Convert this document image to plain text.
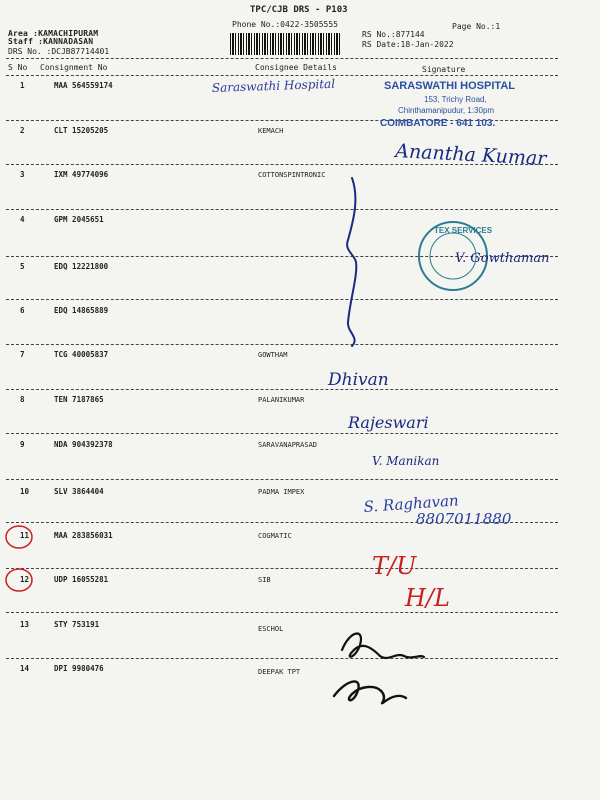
TPC/CJB DRS - P103
Phone No.:0422-3505555	Page No.:1
Area :KAMACHIPURAM
Staff :KANNADASAN
DRS No. :DCJB87714401
RS No.:877144
RS Date:18-Jan-2022
S No Consignment No	Consignee Details	Signature
1	MAA 564559174
2	CLT 15205205	KEMACH
3	IXM 49774096	COTTONSPINTRONIC
4	GPM 2045651
5	EDQ 12221800
6	EDQ 14865889
7	TCG 40005837	GOWTHAM
8	TEN 7187865	PALANIKUMAR
9	NDA 904392378	SARAVANAPRASAD
10	SLV 3864404	PADMA IMPEX
11	MAA 283856031	COGMATIC
12	UDP 16055281	SIB
13	STY 753191	ESCHOL
14	DPI 9980476	DEEPAK TPT
Saraswathi Hospital	SARASWATHI HOSPITAL
153, Trichy Road,
Chinthamanipudur, 1:30pm
COIMBATORE - 641 103.
Anantha Kumar
TEX SERVICES
V. Gowthaman
Dhivan
Rajeswari
V. Manikan
S. Raghavan
8807011880
T/U
H/L
